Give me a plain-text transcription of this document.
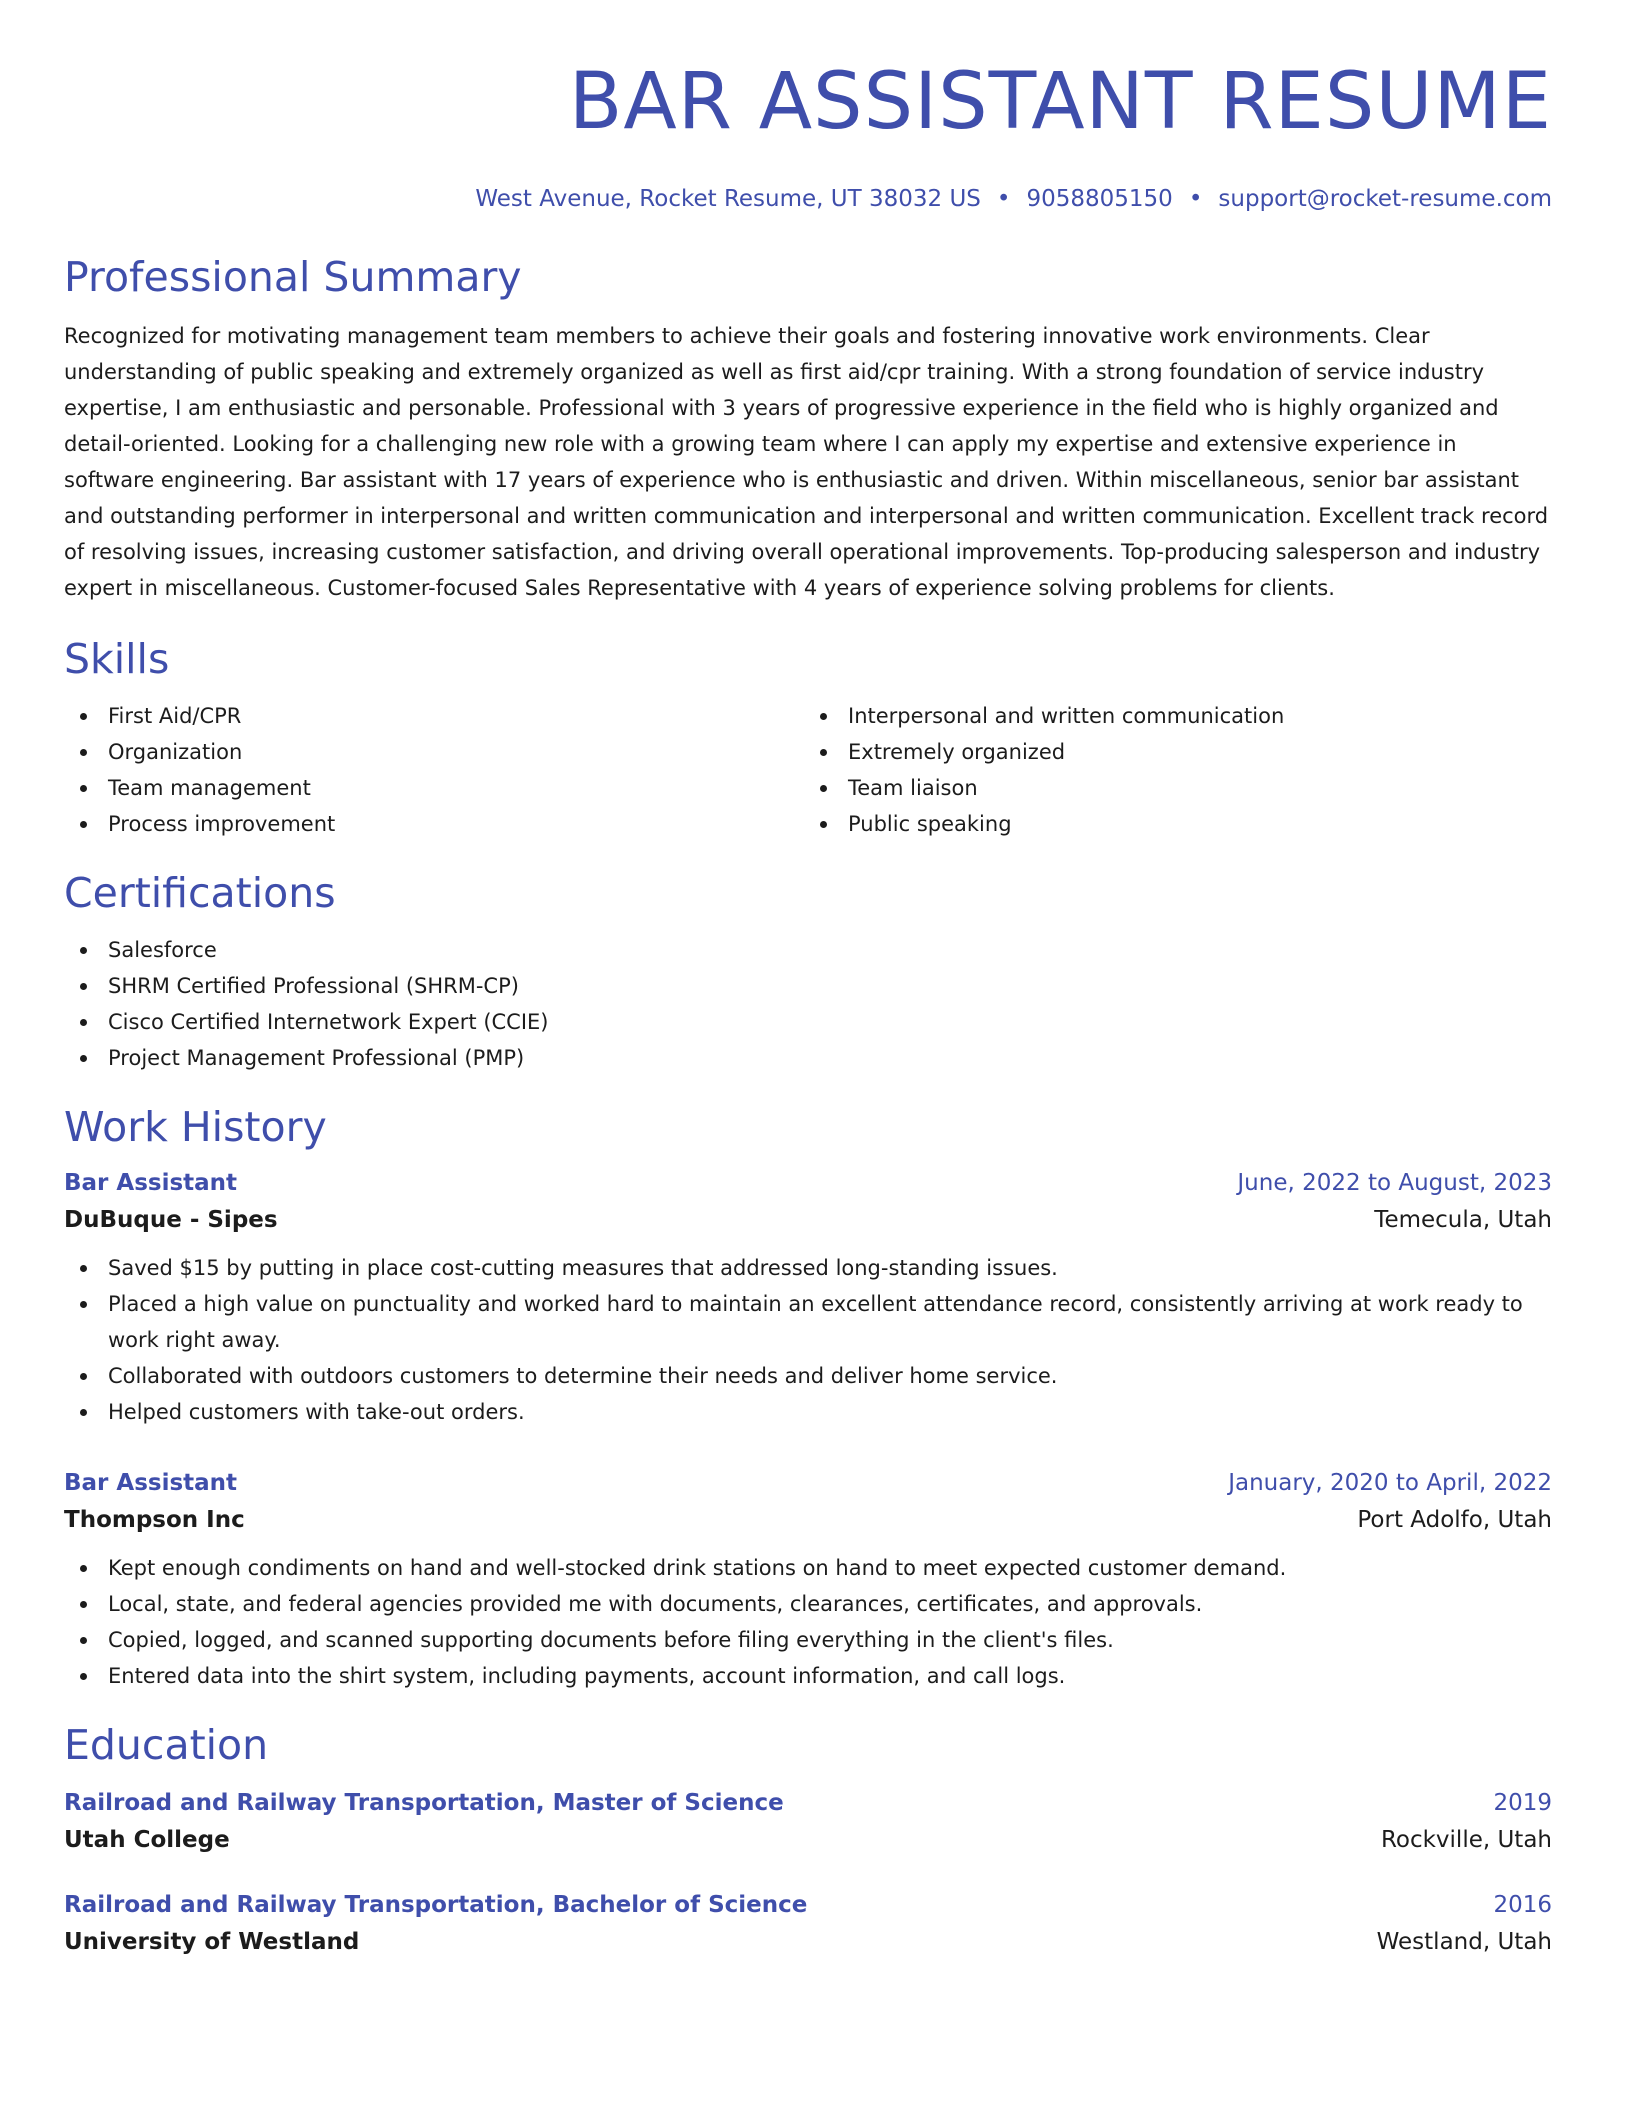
BAR ASSISTANT RESUME
West Avenue, Rocket Resume, UT 38032 US • 9058805150 • support@rocket-resume.com
Professional Summary

Recognized for motivating management team members to achieve their goals and fostering innovative work environments. Clear understanding of public speaking and extremely organized as well as first aid/cpr training. With a strong foundation of service industry expertise, I am enthusiastic and personable. Professional with 3 years of progressive experience in the field who is highly organized and detail-oriented. Looking for a challenging new role with a growing team where I can apply my expertise and extensive experience in software engineering. Bar assistant with 17 years of experience who is enthusiastic and driven. Within miscellaneous, senior bar assistant and outstanding performer in interpersonal and written communication and interpersonal and written communication. Excellent track record of resolving issues, increasing customer satisfaction, and driving overall operational improvements. Top-producing salesperson and industry expert in miscellaneous. Customer-focused Sales Representative with 4 years of experience solving problems for clients.

Skills
First Aid/CPR
Organization
Team management
Process improvement
Interpersonal and written communication
Extremely organized
Team liaison
Public speaking
Certifications
Salesforce
SHRM Certified Professional (SHRM-CP)
Cisco Certified Internetwork Expert (CCIE)
Project Management Professional (PMP)
Work History
Bar Assistant	June, 2022 to August, 2023
DuBuque - Sipes	Temecula, Utah
Saved $15 by putting in place cost-cutting measures that addressed long-standing issues.
Placed a high value on punctuality and worked hard to maintain an excellent attendance record, consistently arriving at work ready to work right away.
Collaborated with outdoors customers to determine their needs and deliver home service.
Helped customers with take-out orders.
Bar Assistant	January, 2020 to April, 2022
Thompson Inc	Port Adolfo, Utah
Kept enough condiments on hand and well-stocked drink stations on hand to meet expected customer demand.
Local, state, and federal agencies provided me with documents, clearances, certificates, and approvals.
Copied, logged, and scanned supporting documents before filing everything in the client's files.
Entered data into the shirt system, including payments, account information, and call logs.
Education
Railroad and Railway Transportation, Master of Science	2019
Utah College	Rockville, Utah
Railroad and Railway Transportation, Bachelor of Science	2016
University of Westland	Westland, Utah
